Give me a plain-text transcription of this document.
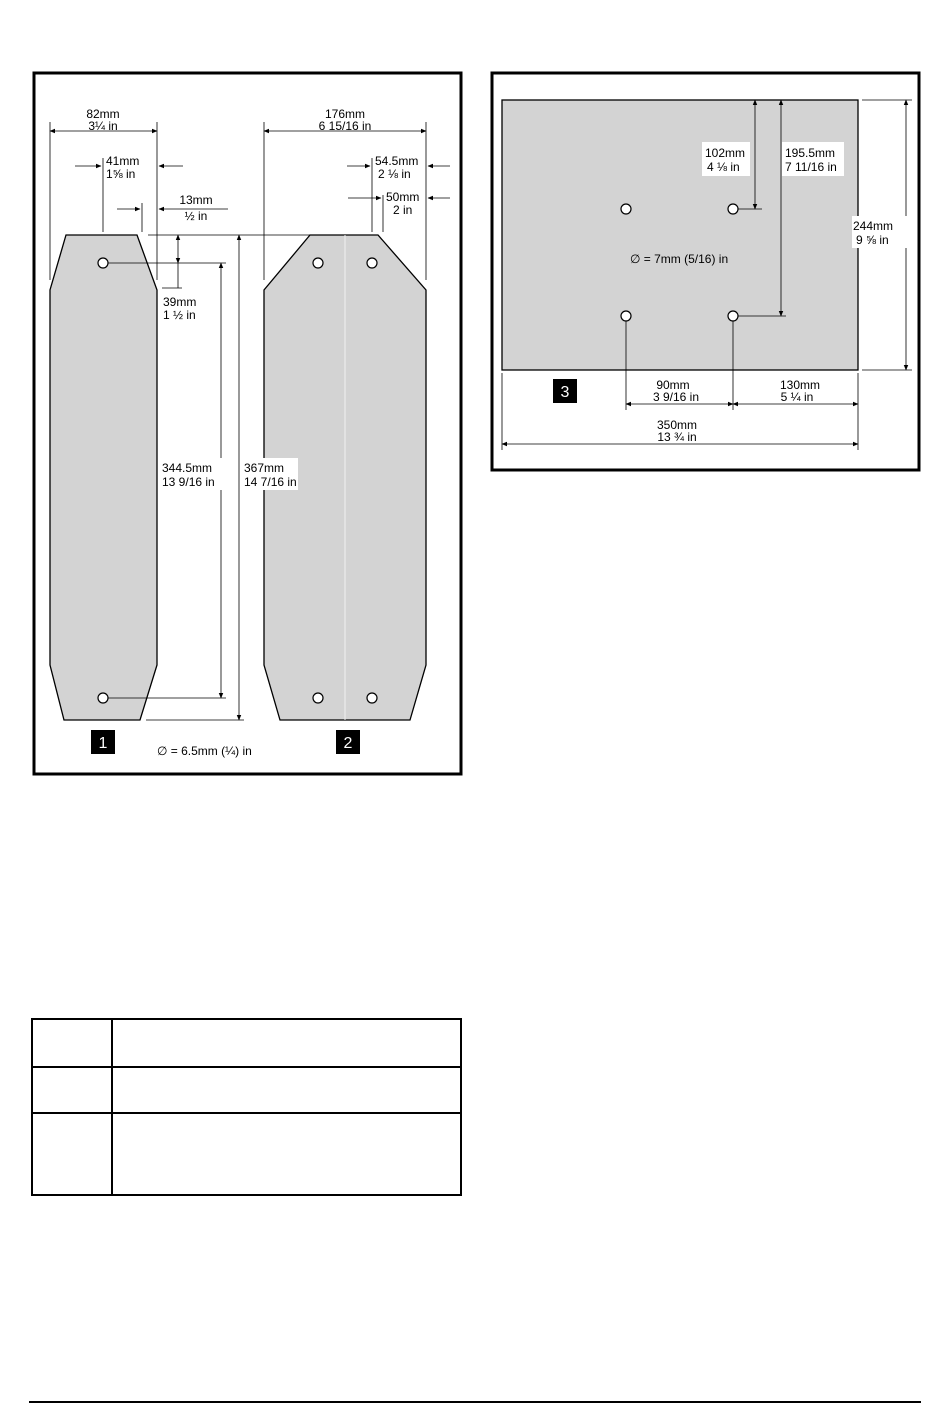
82mm
3¼ in
41mm
1⅝ in
13mm
½ in
39mm
1 ½ in
344.5mm
13 9/16 in
367mm
14 7/16 in
176mm
6 15/16 in
54.5mm
2 ⅛ in
50mm
2 in
1	2
∅ = 6.5mm (¼) in
102mm
4 ⅛ in
195.5mm
7 11/16 in
244mm
9 ⅝ in
∅ = 7mm (5/16) in
90mm
3 9/16 in
130mm
5 ¼ in
350mm
13 ¾ in
3
